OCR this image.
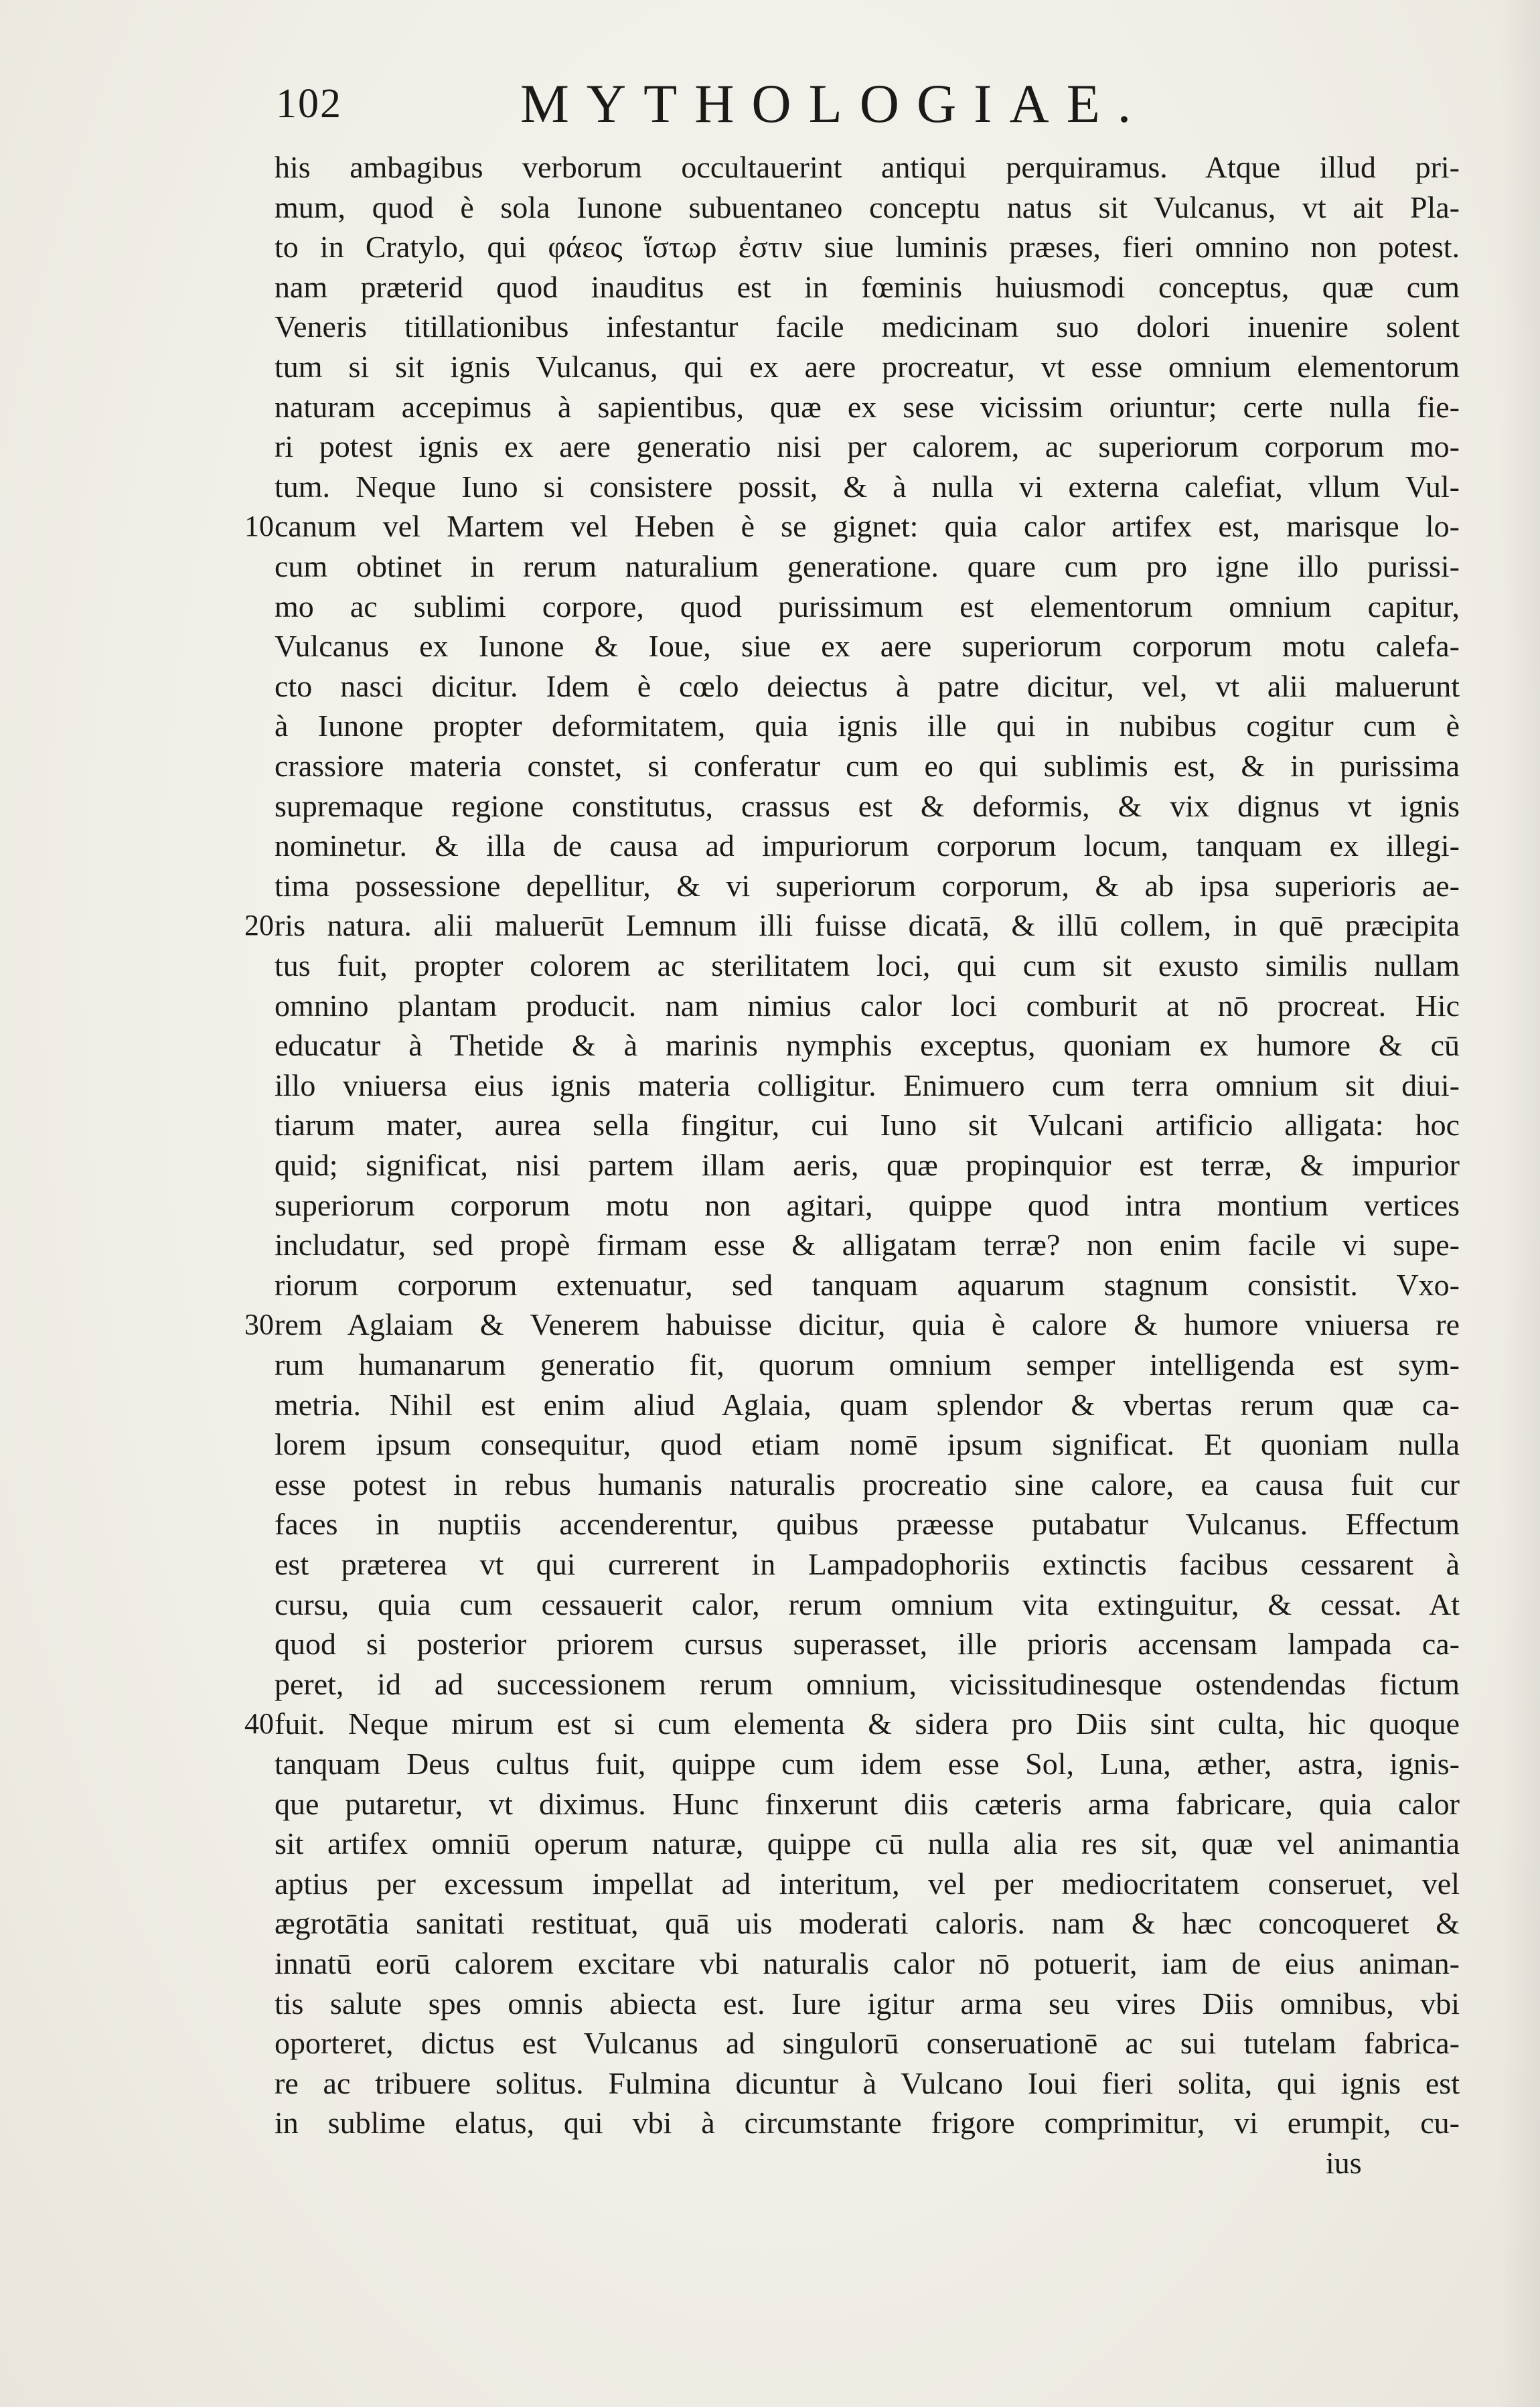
102	MYTHOLOGIAE.
10
20
30
40
his ambagibus verborum occultauerint antiqui perquiramus. Atque illud pri-
mum, quod è sola Iunone subuentaneo conceptu natus sit Vulcanus, vt ait Pla-
to in Cratylo, qui φάεος ἵστωρ ἐστιν siue luminis præses, fieri omnino non potest.
nam præterid quod inauditus est in fœminis huiusmodi conceptus, quæ cum
Veneris titillationibus infestantur facile medicinam suo dolori inuenire solent
tum si sit ignis Vulcanus, qui ex aere procreatur, vt esse omnium elementorum
naturam accepimus à sapientibus, quæ ex sese vicissim oriuntur; certe nulla fie-
ri potest ignis ex aere generatio nisi per calorem, ac superiorum corporum mo-
tum. Neque Iuno si consistere possit, & à nulla vi externa calefiat, vllum Vul-
canum vel Martem vel Heben è se gignet: quia calor artifex est, marisque lo-
cum obtinet in rerum naturalium generatione. quare cum pro igne illo purissi-
mo ac sublimi corpore, quod purissimum est elementorum omnium capitur,
Vulcanus ex Iunone & Ioue, siue ex aere superiorum corporum motu calefa-
cto nasci dicitur. Idem è cœlo deiectus à patre dicitur, vel, vt alii maluerunt
à Iunone propter deformitatem, quia ignis ille qui in nubibus cogitur cum è
crassiore materia constet, si conferatur cum eo qui sublimis est, & in purissima
supremaque regione constitutus, crassus est & deformis, & vix dignus vt ignis
nominetur. & illa de causa ad impuriorum corporum locum, tanquam ex illegi-
tima possessione depellitur, & vi superiorum corporum, & ab ipsa superioris ae-
ris natura. alii maluerūt Lemnum illi fuisse dicatā, & illū collem, in quē præcipita
tus fuit, propter colorem ac sterilitatem loci, qui cum sit exusto similis nullam
omnino plantam producit. nam nimius calor loci comburit at nō procreat. Hic
educatur à Thetide & à marinis nymphis exceptus, quoniam ex humore & cū
illo vniuersa eius ignis materia colligitur. Enimuero cum terra omnium sit diui-
tiarum mater, aurea sella fingitur, cui Iuno sit Vulcani artificio alligata: hoc
quid; significat, nisi partem illam aeris, quæ propinquior est terræ, & impurior
superiorum corporum motu non agitari, quippe quod intra montium vertices
includatur, sed propè firmam esse & alligatam terræ? non enim facile vi supe-
riorum corporum extenuatur, sed tanquam aquarum stagnum consistit. Vxo-
rem Aglaiam & Venerem habuisse dicitur, quia è calore & humore vniuersa re
rum humanarum generatio fit, quorum omnium semper intelligenda est sym-
metria. Nihil est enim aliud Aglaia, quam splendor & vbertas rerum quæ ca-
lorem ipsum consequitur, quod etiam nomē ipsum significat. Et quoniam nulla
esse potest in rebus humanis naturalis procreatio sine calore, ea causa fuit cur
faces in nuptiis accenderentur, quibus præesse putabatur Vulcanus. Effectum
est præterea vt qui currerent in Lampadophoriis extinctis facibus cessarent à
cursu, quia cum cessauerit calor, rerum omnium vita extinguitur, & cessat. At
quod si posterior priorem cursus superasset, ille prioris accensam lampada ca-
peret, id ad successionem rerum omnium, vicissitudinesque ostendendas fictum
fuit. Neque mirum est si cum elementa & sidera pro Diis sint culta, hic quoque
tanquam Deus cultus fuit, quippe cum idem esse Sol, Luna, æther, astra, ignis-
que putaretur, vt diximus. Hunc finxerunt diis cæteris arma fabricare, quia calor
sit artifex omniū operum naturæ, quippe cū nulla alia res sit, quæ vel animantia
aptius per excessum impellat ad interitum, vel per mediocritatem conseruet, vel
ægrotātia sanitati restituat, quā uis moderati caloris. nam & hæc concoqueret &
innatū eorū calorem excitare vbi naturalis calor nō potuerit, iam de eius animan-
tis salute spes omnis abiecta est. Iure igitur arma seu vires Diis omnibus, vbi
oporteret, dictus est Vulcanus ad singulorū conseruationē ac sui tutelam fabrica-
re ac tribuere solitus. Fulmina dicuntur à Vulcano Ioui fieri solita, qui ignis est
in sublime elatus, qui vbi à circumstante frigore comprimitur, vi erumpit, cu-
ius
